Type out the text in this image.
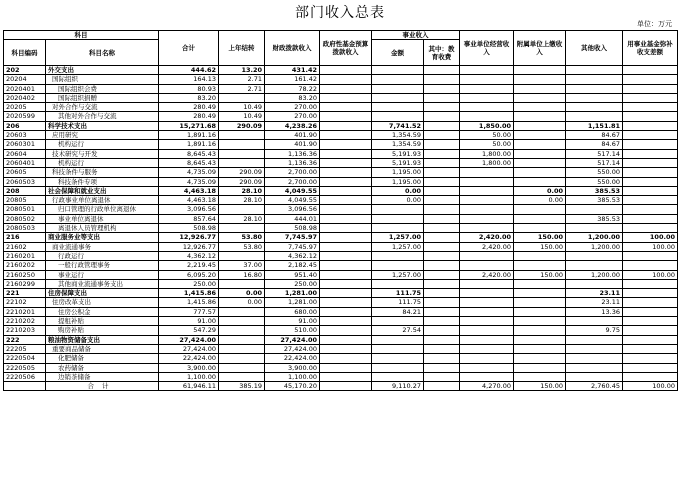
部门收入总表
单位：万元
科目		合计	上年结转	财政拨款收入	政府性基金预算拨款收入	事业收入		事业单位经营收入	附属单位上缴收入	其他收入	用事业基金弥补收支差额
科目编码	科目名称					金额	其中：教育收费				

202	外交支出	444.62	13.20	431.42							
20204	国际组织	164.13	2.71	161.42							
2020401	国际组织会费	80.93	2.71	78.22							
2020402	国际组织捐赠	83.20		83.20							
20205	对外合作与交流	280.49	10.49	270.00							
2020599	其他对外合作与交流	280.49	10.49	270.00							
206	科学技术支出	15,271.68	290.09	4,238.26		7,741.52		1,850.00		1,151.81	
20603	应用研究	1,891.16		401.90		1,354.59		50.00		84.67	
2060301	机构运行	1,891.16		401.90		1,354.59		50.00		84.67	
20604	技术研究与开发	8,645.43		1,136.36		5,191.93		1,800.00		517.14	
2060401	机构运行	8,645.43		1,136.36		5,191.93		1,800.00		517.14	
20605	科技条件与服务	4,735.09	290.09	2,700.00		1,195.00				550.00	
2060503	科技条件专项	4,735.09	290.09	2,700.00		1,195.00				550.00	
208	社会保障和就业支出	4,463.18	28.10	4,049.55		0.00			0.00	385.53	
20805	行政事业单位离退休	4,463.18	28.10	4,049.55		0.00			0.00	385.53	
2080501	归口管理的行政单位离退休	3,096.56		3,096.56							
2080502	事业单位离退休	857.64	28.10	444.01						385.53	
2080503	离退休人员管理机构	508.98		508.98							
216	商业服务业等支出	12,926.77	53.80	7,745.97		1,257.00		2,420.00	150.00	1,200.00	100.00
21602	商业流通事务	12,926.77	53.80	7,745.97		1,257.00		2,420.00	150.00	1,200.00	100.00
2160201	行政运行	4,362.12		4,362.12							
2160202	一般行政管理事务	2,219.45	37.00	2,182.45							
2160250	事业运行	6,095.20	16.80	951.40		1,257.00		2,420.00	150.00	1,200.00	100.00
2160299	其他商业流通事务支出	250.00		250.00							
221	住房保障支出	1,415.86	0.00	1,281.00		111.75				23.11	
22102	住房改革支出	1,415.86	0.00	1,281.00		111.75				23.11	
2210201	住房公积金	777.57		680.00		84.21				13.36	
2210202	提租补贴	91.00		91.00							
2210203	购房补贴	547.29		510.00		27.54				9.75	
222	粮油物资储备支出	27,424.00		27,424.00							
22205	重要商品储备	27,424.00		27,424.00							
2220504	化肥储备	22,424.00		22,424.00							
2220505	农药储备	3,900.00		3,900.00							
2220506	边销茶储备	1,100.00		1,100.00							
	合计	61,946.11	385.19	45,170.20		9,110.27		4,270.00	150.00	2,760.45	100.00
